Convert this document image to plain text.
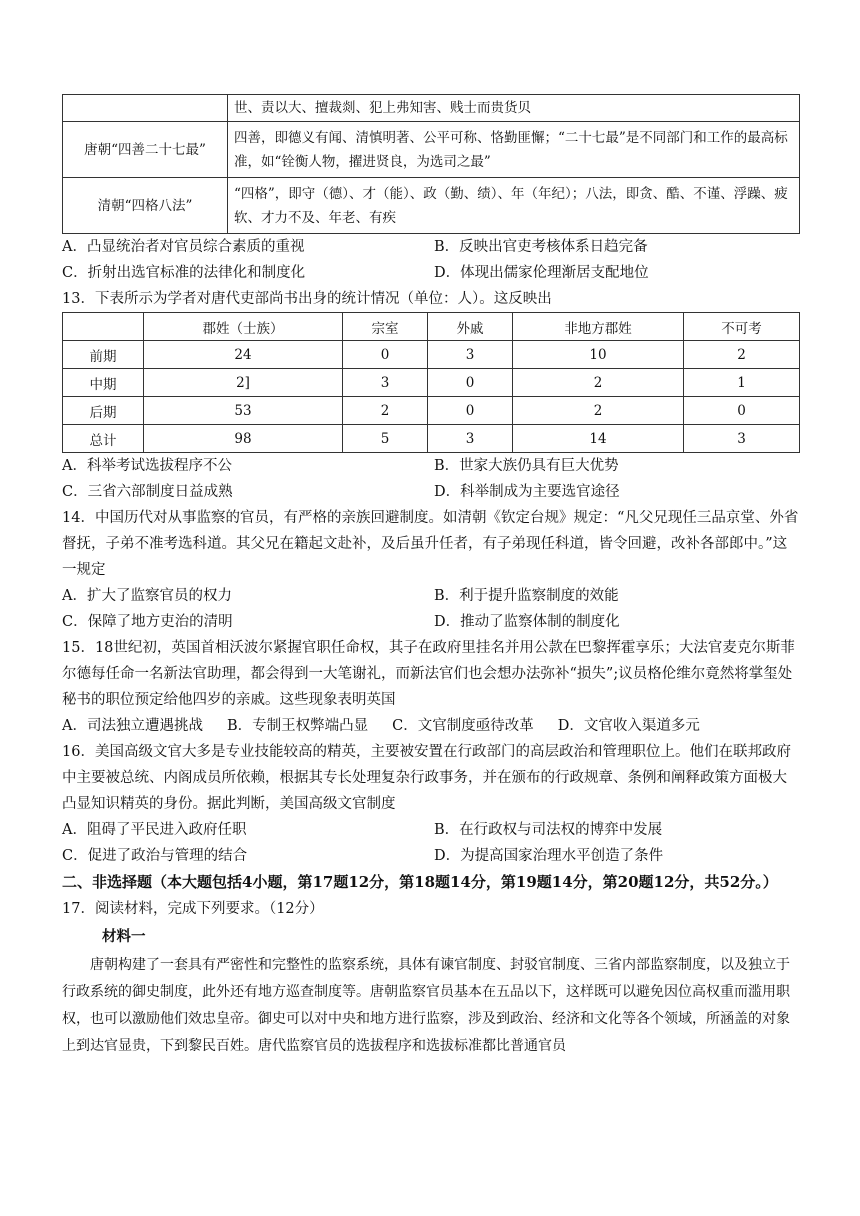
	世、责以大、擅裁剡、犯上弗知害、贱士而贵货贝
唐朝“四善二十七最”	四善，即德义有闻、清慎明著、公平可称、恪勤匪懈；“二十七最”是不同部门和工作的最高标准，如“铨衡人物，擢进贤良，为选司之最”
清朝“四格八法”	“四格”，即守（德）、才（能）、政（勤、绩）、年（年纪）；八法，即贪、酷、不谨、浮躁、疲软、才力不及、年老、有疾
A．凸显统治者对官员综合素质的重视	B．反映出官吏考核体系日趋完备
C．折射出选官标准的法律化和制度化	D．体现出儒家伦理渐居支配地位

13．下表所示为学者对唐代吏部尚书出身的统计情况（单位：人）。这反映出

	郡姓（士族）	宗室	外戚	非地方郡姓	不可考
前期	24	0	3	10	2
中期	2]	3	0	2	1
后期	53	2	0	2	0
总计	98	5	3	14	3
A．科举考试选拔程序不公	B．世家大族仍具有巨大优势
C．三省六部制度日益成熟	D．科举制成为主要选官途径

14．中国历代对从事监察的官员，有严格的亲族回避制度。如清朝《钦定台规》规定：“凡父兄现任三品京堂、外省督抚，子弟不准考选科道。其父兄在籍起文赴补，及后虽升任者，有子弟现任科道，皆令回避，改补各部郎中。”这一规定

A．扩大了监察官员的权力	B．利于提升监察制度的效能
C．保障了地方吏治的清明	D．推动了监察体制的制度化

15．18世纪初，英国首相沃波尔紧握官职任命权，其子在政府里挂名并用公款在巴黎挥霍享乐；大法官麦克尔斯菲尔德每任命一名新法官助理，都会得到一大笔谢礼，而新法官们也会想办法弥补“损失”;议员格伦维尔竟然将掌玺处秘书的职位预定给他四岁的亲戚。这些现象表明英国

A．司法独立遭遇挑战 B．专制王权弊端凸显 C．文官制度亟待改革 D．文官收入渠道多元

16．美国高级文官大多是专业技能较高的精英，主要被安置在行政部门的高层政治和管理职位上。他们在联邦政府中主要被总统、内阁成员所依赖，根据其专长处理复杂行政事务，并在颁布的行政规章、条例和阐释政策方面极大凸显知识精英的身份。据此判断，美国高级文官制度

A．阻碍了平民进入政府任职	B．在行政权与司法权的博弈中发展
C．促进了政治与管理的结合	D．为提高国家治理水平创造了条件

二、非选择题（本大题包括4小题，第17题12分，第18题14分，第19题14分，第20题12分，共52分。）

17．阅读材料，完成下列要求。（12分）

材料一

唐朝构建了一套具有严密性和完整性的监察系统，具体有谏官制度、封驳官制度、三省内部监察制度，以及独立于行政系统的御史制度，此外还有地方巡查制度等。唐朝监察官员基本在五品以下，这样既可以避免因位高权重而滥用职权，也可以激励他们效忠皇帝。御史可以对中央和地方进行监察，涉及到政治、经济和文化等各个领域，所涵盖的对象上到达官显贵，下到黎民百姓。唐代监察官员的选拔程序和选拔标准都比普通官员
